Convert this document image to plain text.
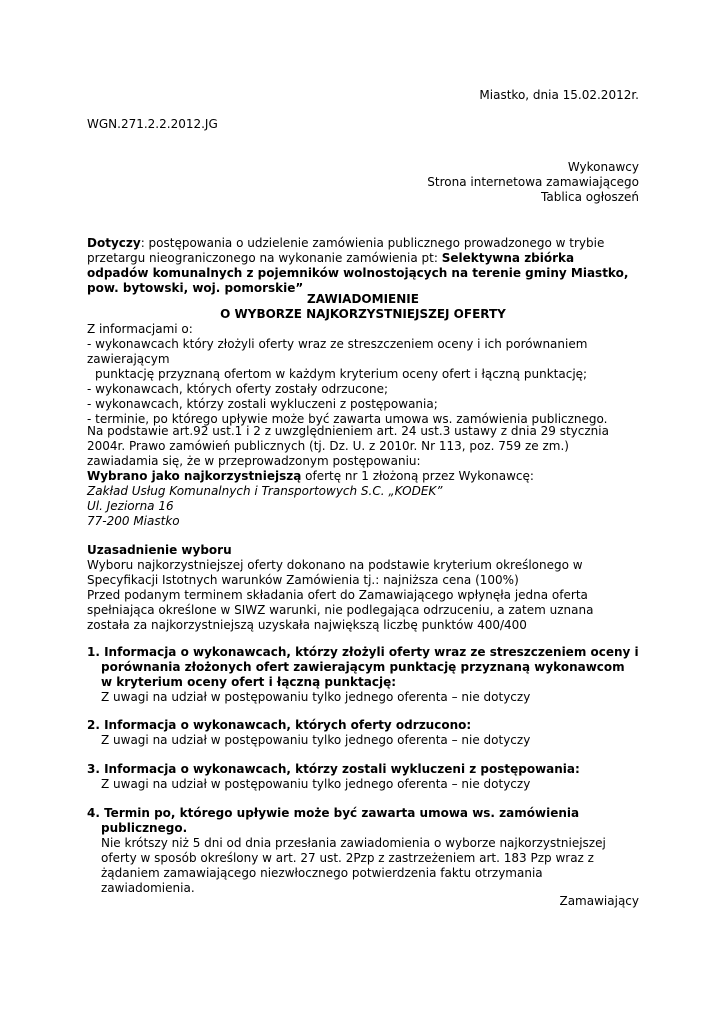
Miastko, dnia 15.02.2012r.

WGN.271.2.2.2012.JG

Wykonawcy

Strona internetowa zamawiającego

Tablica ogłoszeń

Dotyczy: postępowania o udzielenie zamówienia publicznego prowadzonego w trybie przetargu nieograniczonego na wykonanie zamówienia pt: Selektywna zbiórka odpadów komunalnych z pojemników wolnostojących na terenie gminy Miastko, pow. bytowski, woj. pomorskie”

ZAWIADOMIENIE

O WYBORZE NAJKORZYSTNIEJSZEJ OFERTY

Z informacjami o:

- wykonawcach który złożyli oferty wraz ze streszczeniem oceny i ich porównaniem zawierającym

punktację przyznaną ofertom w każdym kryterium oceny ofert i łączną punktację;

- wykonawcach, których oferty zostały odrzucone;

- wykonawcach, którzy zostali wykluczeni z postępowania;

- terminie, po którego upływie może być zawarta umowa ws. zamówienia publicznego.

Na podstawie art.92 ust.1 i 2 z uwzględnieniem art. 24 ust.3 ustawy z dnia 29 stycznia 2004r. Prawo zamówień publicznych (tj. Dz. U. z 2010r. Nr 113, poz. 759 ze zm.) zawiadamia się, że w przeprowadzonym postępowaniu:

Wybrano jako najkorzystniejszą ofertę nr 1 złożoną przez Wykonawcę:

Zakład Usług Komunalnych i Transportowych S.C. „KODEK”

Ul. Jeziorna 16

77-200 Miastko

Uzasadnienie wyboru

Wyboru najkorzystniejszej oferty dokonano na podstawie kryterium określonego w Specyfikacji Istotnych warunków Zamówienia tj.: najniższa cena (100%)

Przed podanym terminem składania ofert do Zamawiającego wpłynęła jedna oferta spełniająca określone w SIWZ warunki, nie podlegająca odrzuceniu, a zatem uznana została za najkorzystniejszą uzyskała największą liczbę punktów 400/400

1. Informacja o wykonawcach, którzy złożyli oferty wraz ze streszczeniem oceny i porównania złożonych ofert zawierającym punktację przyznaną wykonawcom w kryterium oceny ofert i łączną punktację:

Z uwagi na udział w postępowaniu tylko jednego oferenta – nie dotyczy

2. Informacja o wykonawcach, których oferty odrzucono:

Z uwagi na udział w postępowaniu tylko jednego oferenta – nie dotyczy

3. Informacja o wykonawcach, którzy zostali wykluczeni z postępowania:

Z uwagi na udział w postępowaniu tylko jednego oferenta – nie dotyczy

4. Termin po, którego upływie może być zawarta umowa ws. zamówienia publicznego.

Nie krótszy niż 5 dni od dnia przesłania zawiadomienia o wyborze najkorzystniejszej oferty w sposób określony w art. 27 ust. 2Pzp z zastrzeżeniem art. 183 Pzp wraz z żądaniem zamawiającego niezwłocznego potwierdzenia faktu otrzymania zawiadomienia.

Zamawiający
